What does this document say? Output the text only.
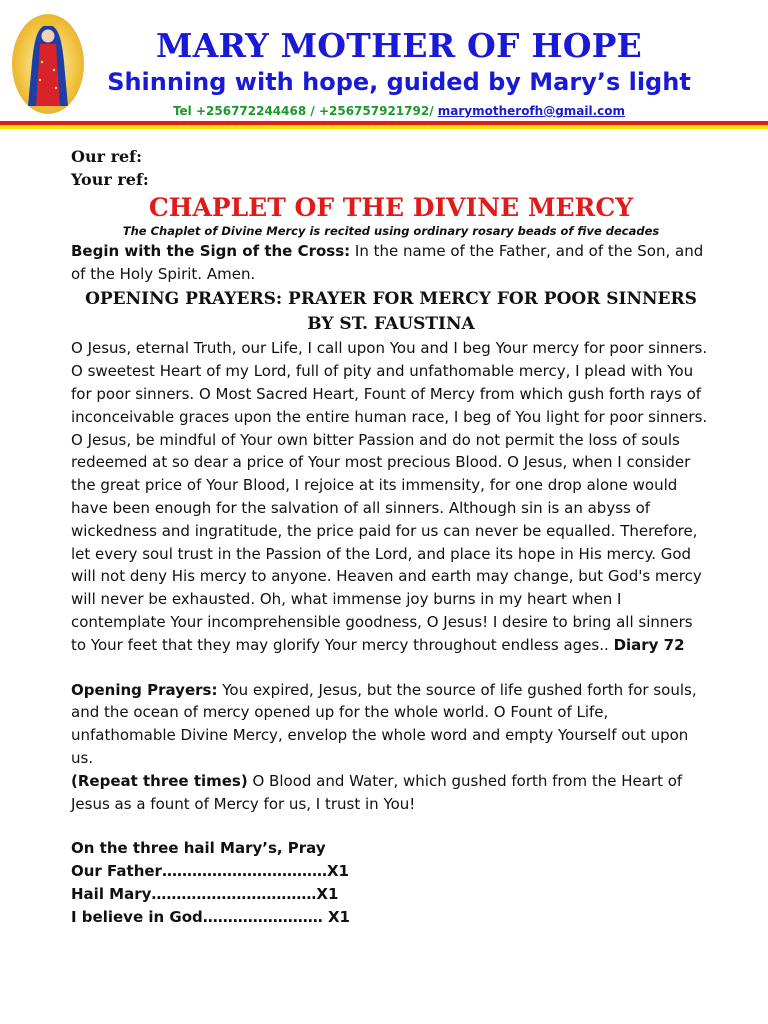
MARY MOTHER OF HOPE
Shinning with hope, guided by Mary’s light
Tel +256772244468 / +256757921792/ marymotherofh@gmail.com
Our ref:
Your ref:
CHAPLET OF THE DIVINE MERCY
The Chaplet of Divine Mercy is recited using ordinary rosary beads of five decades

Begin with the Sign of the Cross: In the name of the Father, and of the Son, and of the Holy Spirit. Amen.

OPENING PRAYERS: PRAYER FOR MERCY FOR POOR SINNERS BY ST. FAUSTINA

O Jesus, eternal Truth, our Life, I call upon You and I beg Your mercy for poor sinners. O sweetest Heart of my Lord, full of pity and unfathomable mercy, I plead with You for poor sinners. O Most Sacred Heart, Fount of Mercy from which gush forth rays of inconceivable graces upon the entire human race, I beg of You light for poor sinners. O Jesus, be mindful of Your own bitter Passion and do not permit the loss of souls redeemed at so dear a price of Your most precious Blood. O Jesus, when I consider the great price of Your Blood, I rejoice at its immensity, for one drop alone would have been enough for the salvation of all sinners. Although sin is an abyss of wickedness and ingratitude, the price paid for us can never be equalled. Therefore, let every soul trust in the Passion of the Lord, and place its hope in His mercy. God will not deny His mercy to anyone. Heaven and earth may change, but God's mercy will never be exhausted. Oh, what immense joy burns in my heart when I contemplate Your incomprehensible goodness, O Jesus! I desire to bring all sinners to Your feet that they may glorify Your mercy throughout endless ages.. Diary 72

Opening Prayers: You expired, Jesus, but the source of life gushed forth for souls, and the ocean of mercy opened up for the whole world. O Fount of Life, unfathomable Divine Mercy, envelop the whole word and empty Yourself out upon us.

(Repeat three times) O Blood and Water, which gushed forth from the Heart of Jesus as a fount of Mercy for us, I trust in You!

On the three hail Mary’s, Pray

Our Father……………………………X1

Hail Mary……………………………X1

I believe in God…………………… X1
